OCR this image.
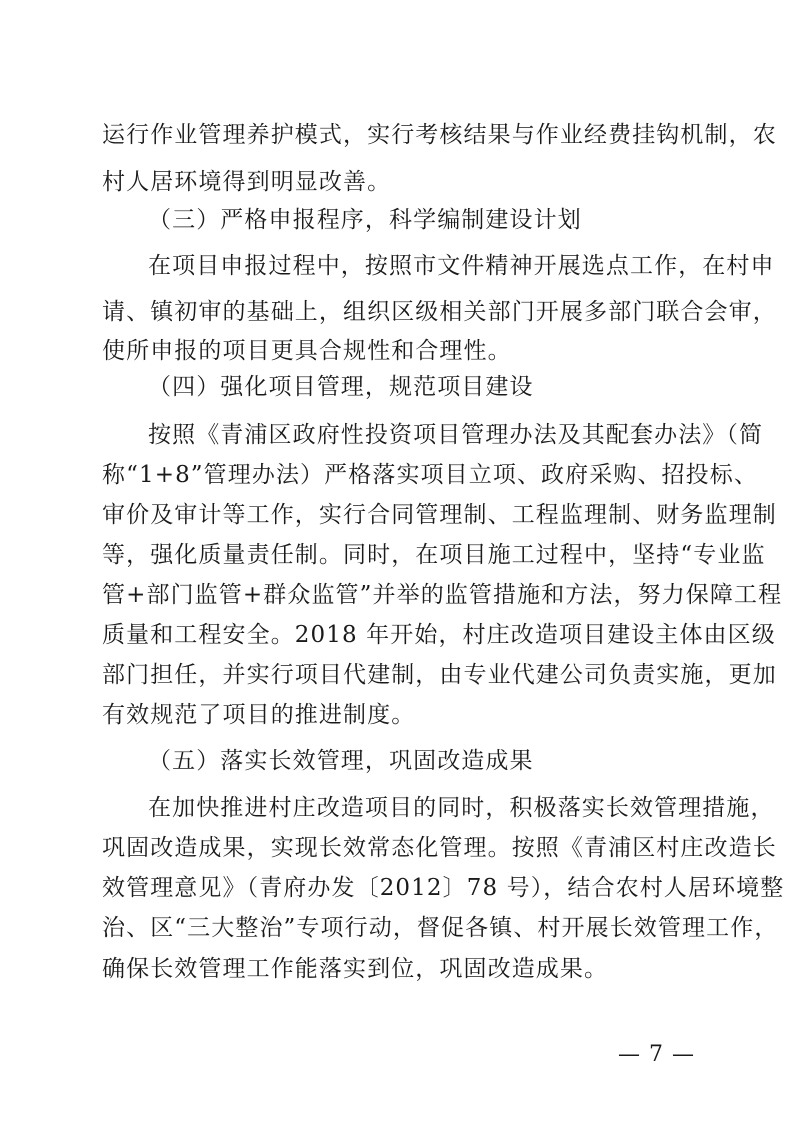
运行作业管理养护模式，实行考核结果与作业经费挂钩机制，农
村人居环境得到明显改善。
（三）严格申报程序，科学编制建设计划
在项目申报过程中，按照市文件精神开展选点工作，在村申
请、镇初审的基础上，组织区级相关部门开展多部门联合会审，
使所申报的项目更具合规性和合理性。
（四）强化项目管理，规范项目建设
按照《青浦区政府性投资项目管理办法及其配套办法》（简
称“1+8”管理办法）严格落实项目立项、政府采购、招投标、
审价及审计等工作，实行合同管理制、工程监理制、财务监理制
等，强化质量责任制。同时，在项目施工过程中，坚持“专业监
管+部门监管+群众监管”并举的监管措施和方法，努力保障工程
质量和工程安全。2018 年开始，村庄改造项目建设主体由区级
部门担任，并实行项目代建制，由专业代建公司负责实施，更加
有效规范了项目的推进制度。
（五）落实长效管理，巩固改造成果
在加快推进村庄改造项目的同时，积极落实长效管理措施，
巩固改造成果，实现长效常态化管理。按照《青浦区村庄改造长
效管理意见》（青府办发〔2012〕78 号），结合农村人居环境整
治、区“三大整治”专项行动，督促各镇、村开展长效管理工作，
确保长效管理工作能落实到位，巩固改造成果。
— 7 —
